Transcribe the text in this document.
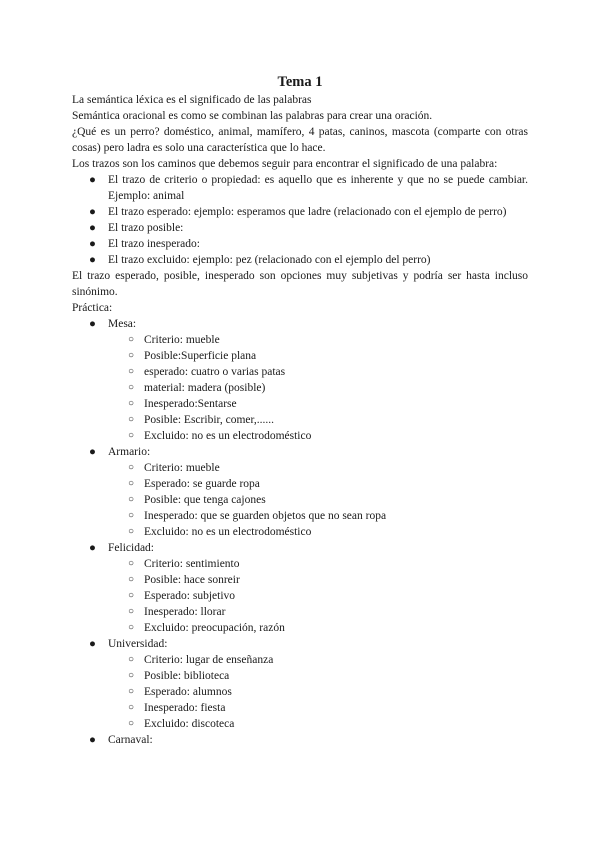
Tema 1

La semántica léxica es el significado de las palabras

Semántica oracional es como se combinan las palabras para crear una oración.

¿Qué es un perro? doméstico, animal, mamífero, 4 patas, caninos, mascota (comparte con otras cosas) pero ladra es solo una característica que lo hace.

Los trazos son los caminos que debemos seguir para encontrar el significado de una palabra:

● El trazo de criterio o propiedad: es aquello que es inherente y que no se puede cambiar. Ejemplo: animal
● El trazo esperado: ejemplo: esperamos que ladre (relacionado con el ejemplo de perro)
● El trazo posible:
● El trazo inesperado:
● El trazo excluido: ejemplo: pez (relacionado con el ejemplo del perro)

El trazo esperado, posible, inesperado son opciones muy subjetivas y podría ser hasta incluso sinónimo.

Práctica:

● Mesa:
○ Criterio: mueble
○ Posible:Superficie plana
○ esperado: cuatro o varias patas
○ material: madera (posible)
○ Inesperado:Sentarse
○ Posible: Escribir, comer,......
○ Excluido: no es un electrodoméstico
● Armario:
○ Criterio: mueble
○ Esperado: se guarde ropa
○ Posible: que tenga cajones
○ Inesperado: que se guarden objetos que no sean ropa
○ Excluido: no es un electrodoméstico
● Felicidad:
○ Criterio: sentimiento
○ Posible: hace sonreir
○ Esperado: subjetivo
○ Inesperado: llorar
○ Excluido: preocupación, razón
● Universidad:
○ Criterio: lugar de enseñanza
○ Posible: biblioteca
○ Esperado: alumnos
○ Inesperado: fiesta
○ Excluido: discoteca
● Carnaval:
